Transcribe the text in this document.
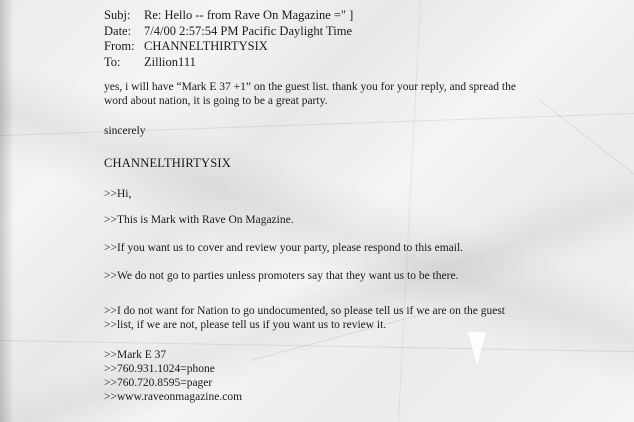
Subj:	Re: Hello -- from Rave On Magazine =" ]
Date:	7/4/00 2:57:54 PM Pacific Daylight Time
From: CHANNELTHIRTYSIX
To:	Zillion111
yes, i will have “Mark E 37 +1” on the guest list. thank you for your reply, and spread the
word about nation, it is going to be a great party.
sincerely
CHANNELTHIRTYSIX
>>Hi,
>>This is Mark with Rave On Magazine.
>>If you want us to cover and review your party, please respond to this email.
>>We do not go to parties unless promoters say that they want us to be there.
>>I do not want for Nation to go undocumented, so please tell us if we are on the guest
>>list, if we are not, please tell us if you want us to review it.
>>Mark E 37
>>760.931.1024=phone
>>760.720.8595=pager
>>www.raveonmagazine.com
